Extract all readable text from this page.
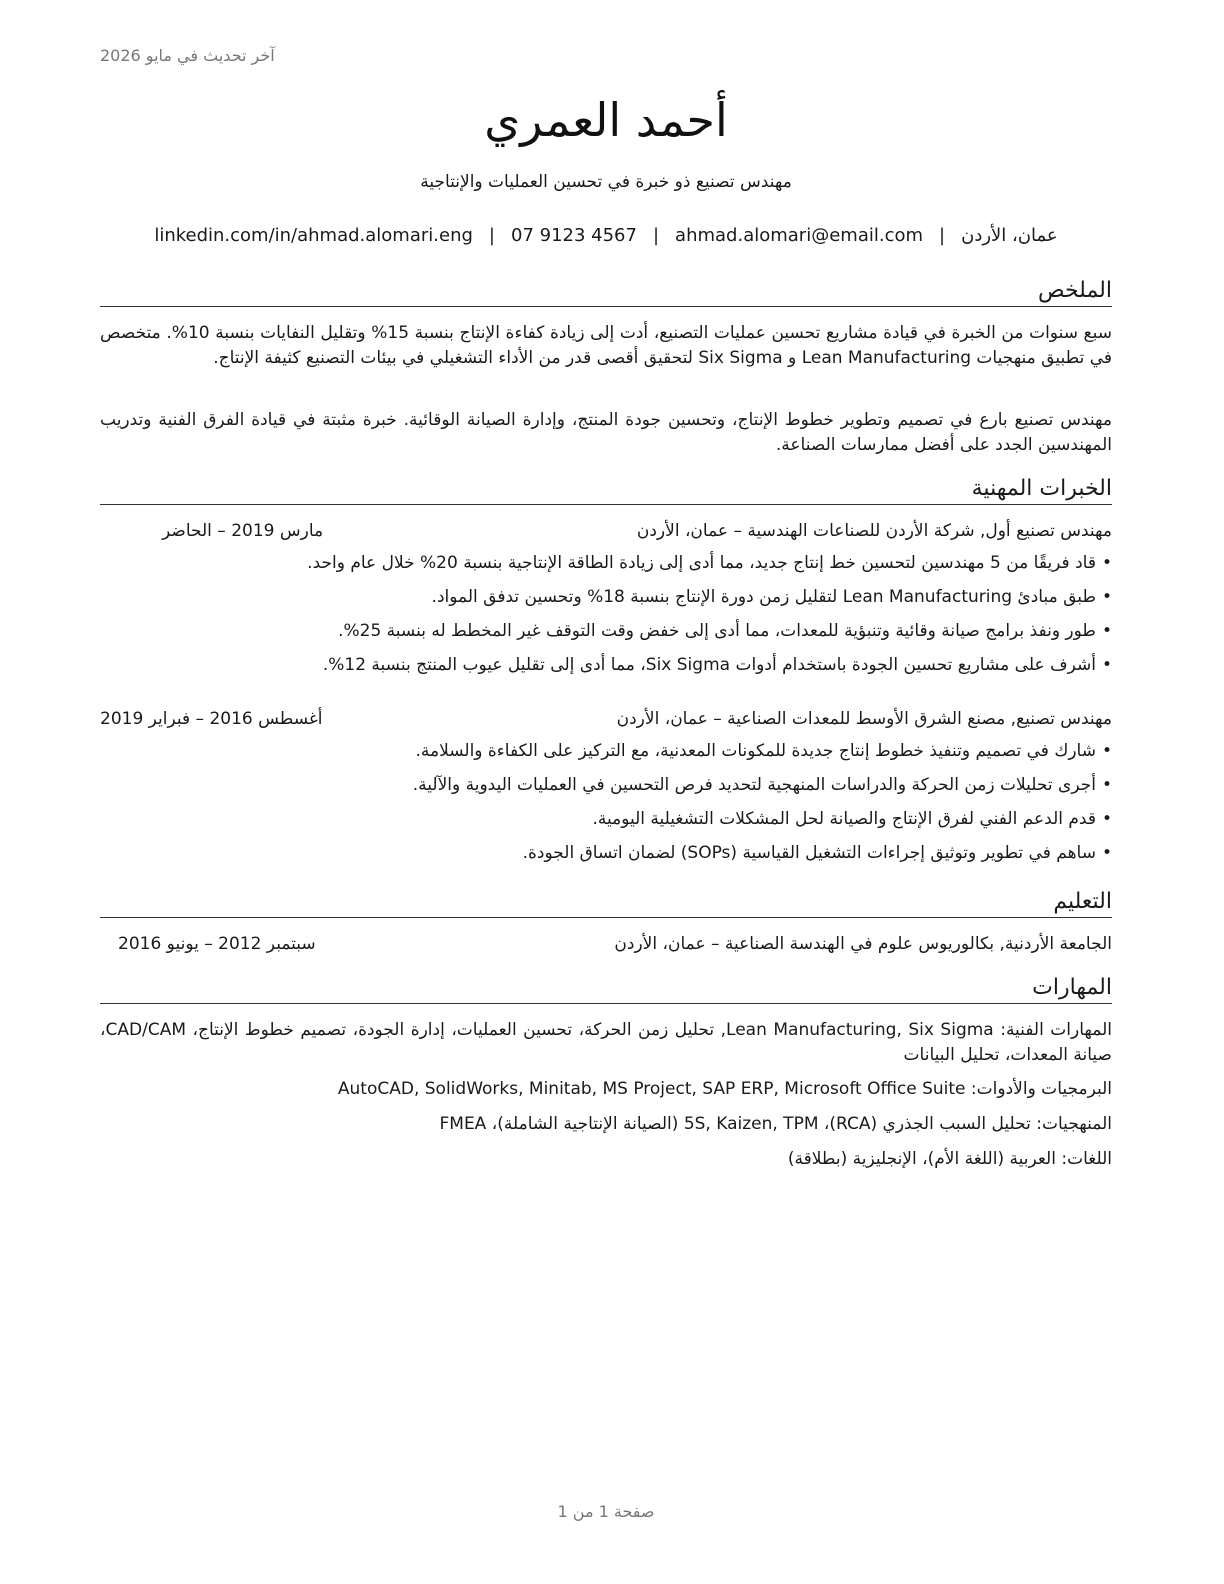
آخر تحديث في مايو 2026
أحمد العمري
مهندس تصنيع ذو خبرة في تحسين العمليات والإنتاجية
عمان، الأردن|ahmad.alomari@email.com|07 9123 4567|linkedin.com/in/ahmad.alomari.eng
الملخص
سبع سنوات من الخبرة في قيادة مشاريع تحسين عمليات التصنيع، أدت إلى زيادة كفاءة الإنتاج بنسبة 15% وتقليل النفايات بنسبة 10%. متخصص في تطبيق منهجيات Lean Manufacturing و Six Sigma لتحقيق أقصى قدر من الأداء التشغيلي في بيئات التصنيع كثيفة الإنتاج.
مهندس تصنيع بارع في تصميم وتطوير خطوط الإنتاج، وتحسين جودة المنتج، وإدارة الصيانة الوقائية. خبرة مثبتة في قيادة الفرق الفنية وتدريب المهندسين الجدد على أفضل ممارسات الصناعة.
الخبرات المهنية
مهندس تصنيع أول, شركة الأردن للصناعات الهندسية – عمان، الأردن
مارس 2019 – الحاضر
•قاد فريقًا من 5 مهندسين لتحسين خط إنتاج جديد، مما أدى إلى زيادة الطاقة الإنتاجية بنسبة 20% خلال عام واحد.
•طبق مبادئ Lean Manufacturing لتقليل زمن دورة الإنتاج بنسبة 18% وتحسين تدفق المواد.
•طور ونفذ برامج صيانة وقائية وتنبؤية للمعدات، مما أدى إلى خفض وقت التوقف غير المخطط له بنسبة 25%.
•أشرف على مشاريع تحسين الجودة باستخدام أدوات Six Sigma، مما أدى إلى تقليل عيوب المنتج بنسبة 12%.
مهندس تصنيع, مصنع الشرق الأوسط للمعدات الصناعية – عمان، الأردن
أغسطس 2016 – فبراير 2019
•شارك في تصميم وتنفيذ خطوط إنتاج جديدة للمكونات المعدنية، مع التركيز على الكفاءة والسلامة.
•أجرى تحليلات زمن الحركة والدراسات المنهجية لتحديد فرص التحسين في العمليات اليدوية والآلية.
•قدم الدعم الفني لفرق الإنتاج والصيانة لحل المشكلات التشغيلية اليومية.
•ساهم في تطوير وتوثيق إجراءات التشغيل القياسية (SOPs) لضمان اتساق الجودة.
التعليم
الجامعة الأردنية, بكالوريوس علوم في الهندسة الصناعية – عمان، الأردن
سبتمبر 2012 – يونيو 2016
المهارات
المهارات الفنية: Lean Manufacturing, Six Sigma, تحليل زمن الحركة، تحسين العمليات، إدارة الجودة، تصميم خطوط الإنتاج، CAD/CAM، صيانة المعدات، تحليل البيانات
البرمجيات والأدوات: AutoCAD, SolidWorks, Minitab, MS Project, SAP ERP, Microsoft Office Suite
المنهجيات: تحليل السبب الجذري (RCA)، 5S, Kaizen, TPM (الصيانة الإنتاجية الشاملة)، FMEA
اللغات: العربية (اللغة الأم)، الإنجليزية (بطلاقة)
صفحة 1 من 1
